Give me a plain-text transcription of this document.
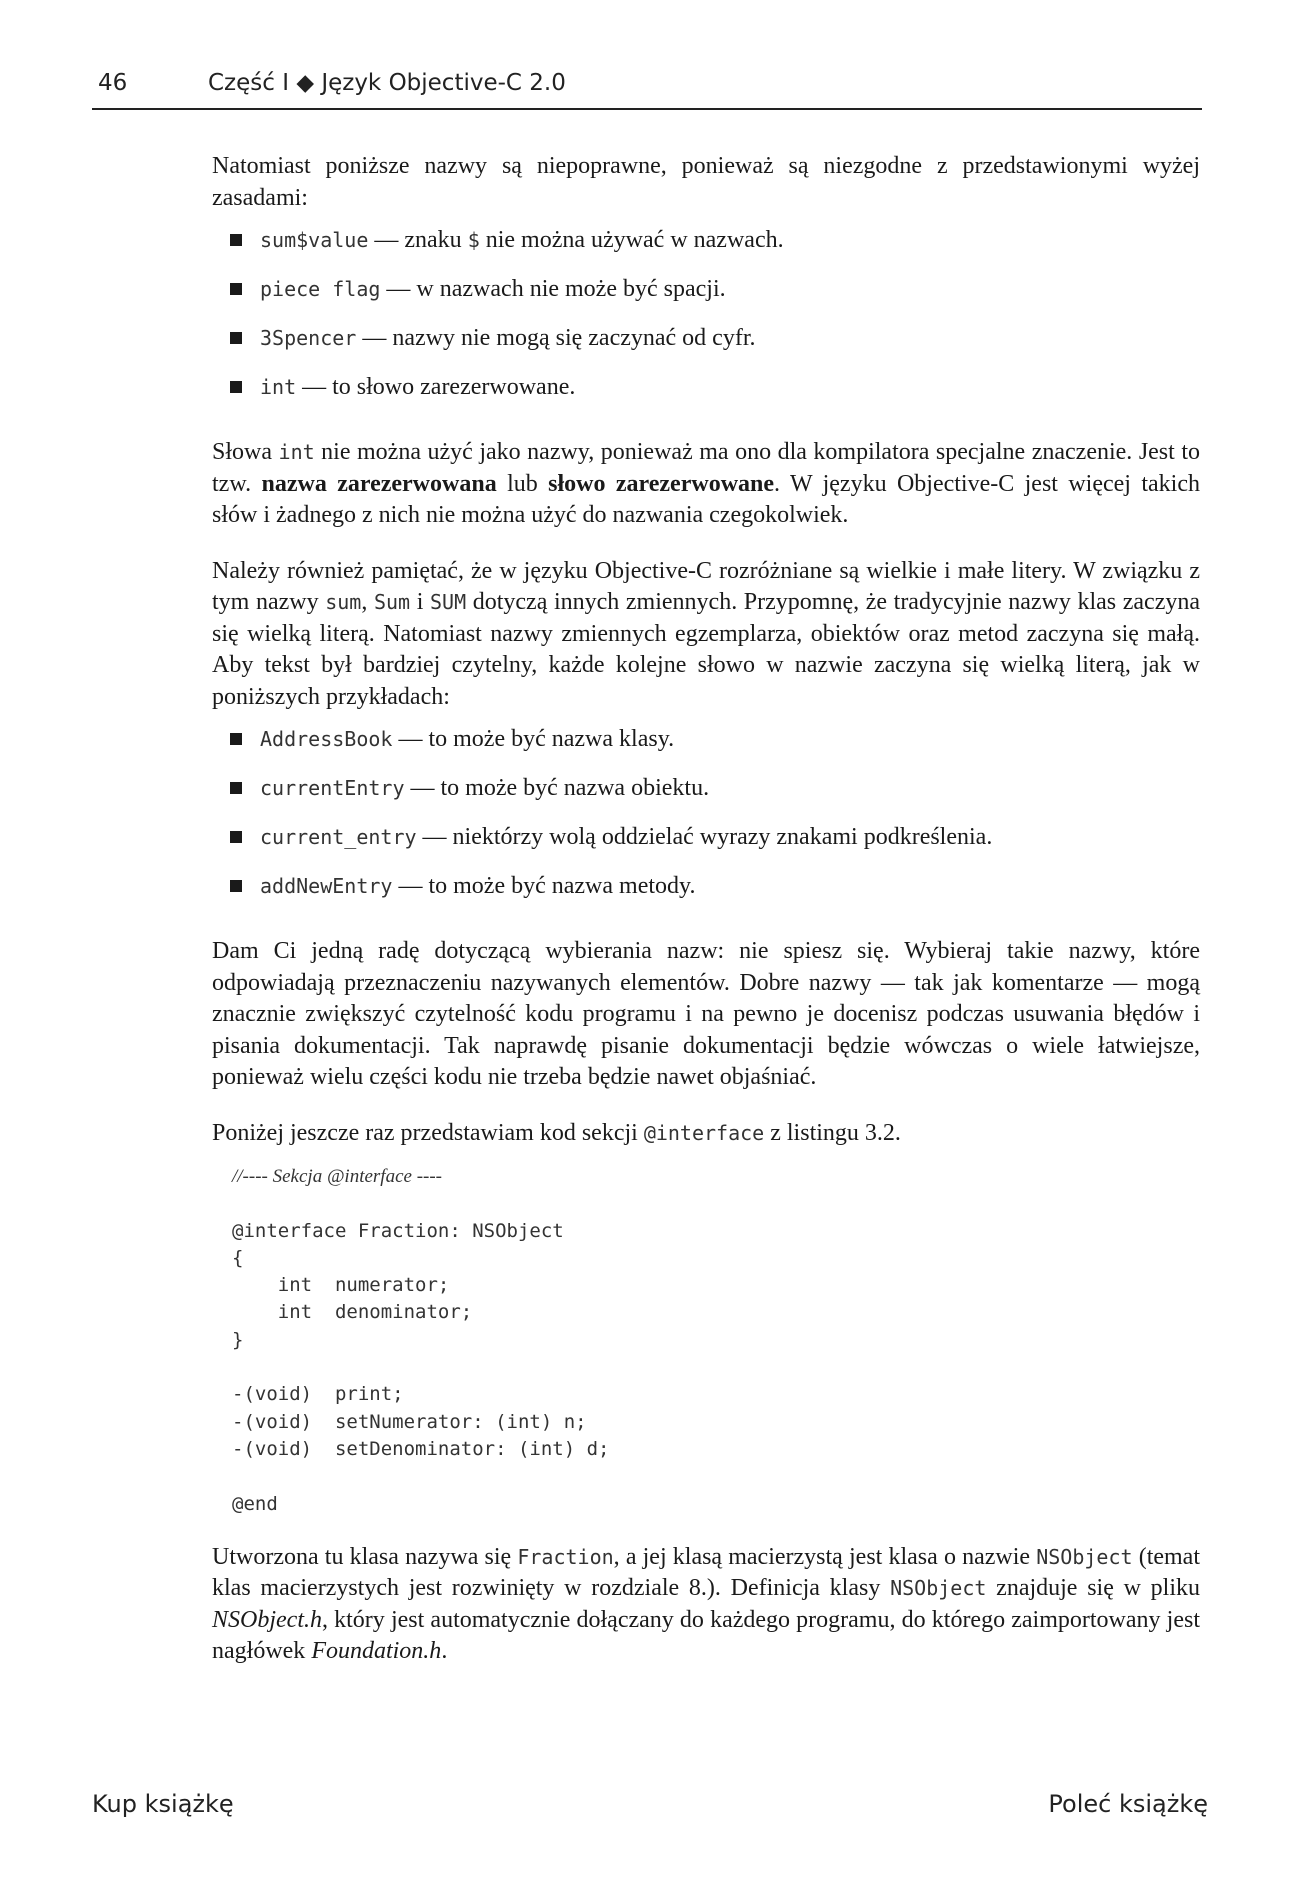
46	Część I ◆ Język Objective-C 2.0

Natomiast poniższe nazwy są niepoprawne, ponieważ są niezgodne z przedstawionymi wyżej zasadami:

sum$value — znaku $ nie można używać w nazwach.
piece flag — w nazwach nie może być spacji.
3Spencer — nazwy nie mogą się zaczynać od cyfr.
int — to słowo zarezerwowane.

Słowa int nie można użyć jako nazwy, ponieważ ma ono dla kompilatora specjalne znaczenie. Jest to tzw. nazwa zarezerwowana lub słowo zarezerwowane. W języku Objective-C jest więcej takich słów i żadnego z nich nie można użyć do nazwania czegokolwiek.

Należy również pamiętać, że w języku Objective-C rozróżniane są wielkie i małe litery. W związku z tym nazwy sum, Sum i SUM dotyczą innych zmiennych. Przypomnę, że tradycyjnie nazwy klas zaczyna się wielką literą. Natomiast nazwy zmiennych egzemplarza, obiektów oraz metod zaczyna się małą. Aby tekst był bardziej czytelny, każde kolejne słowo w nazwie zaczyna się wielką literą, jak w poniższych przykładach:

AddressBook — to może być nazwa klasy.
currentEntry — to może być nazwa obiektu.
current_entry — niektórzy wolą oddzielać wyrazy znakami podkreślenia.
addNewEntry — to może być nazwa metody.

Dam Ci jedną radę dotyczącą wybierania nazw: nie spiesz się. Wybieraj takie nazwy, które odpowiadają przeznaczeniu nazywanych elementów. Dobre nazwy — tak jak komentarze — mogą znacznie zwiększyć czytelność kodu programu i na pewno je docenisz podczas usuwania błędów i pisania dokumentacji. Tak naprawdę pisanie dokumentacji będzie wówczas o wiele łatwiejsze, ponieważ wielu części kodu nie trzeba będzie nawet objaśniać.

Poniżej jeszcze raz przedstawiam kod sekcji @interface z listingu 3.2.

//---- Sekcja @interface ----
@interface Fraction: NSObject
{
int  numerator;
int  denominator;
}
-(void)  print;
-(void)  setNumerator: (int) n;
-(void)  setDenominator: (int) d;
@end

Utworzona tu klasa nazywa się Fraction, a jej klasą macierzystą jest klasa o nazwie NSObject (temat klas macierzystych jest rozwinięty w rozdziale 8.). Definicja klasy NSObject znajduje się w pliku NSObject.h, który jest automatycznie dołączany do każdego programu, do którego zaimportowany jest nagłówek Foundation.h.

Kup książkę	Poleć książkę
